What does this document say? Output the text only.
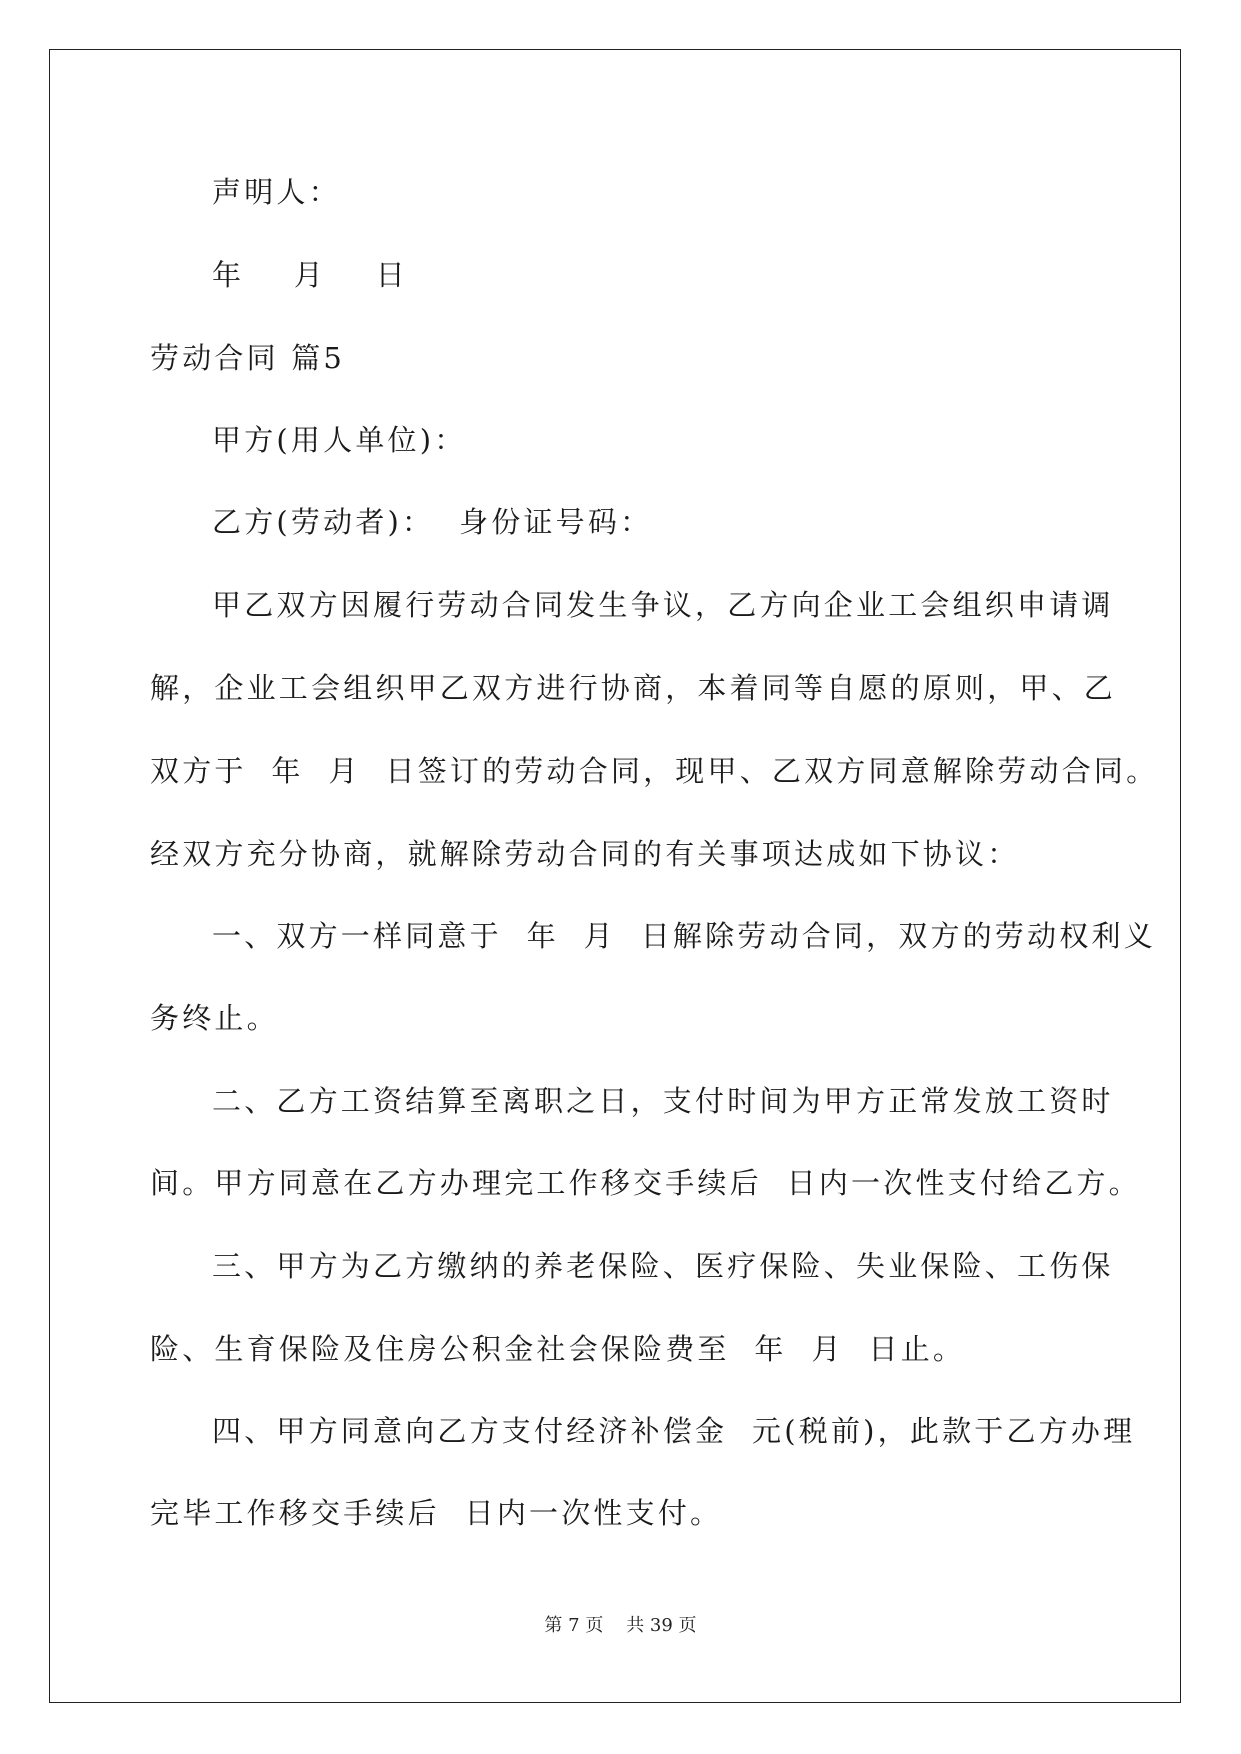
声明人：
年    月    日
劳动合同 篇5
甲方(用人单位)：
乙方(劳动者)：  身份证号码：
甲乙双方因履行劳动合同发生争议，乙方向企业工会组织申请调
解，企业工会组织甲乙双方进行协商，本着同等自愿的原则，甲、乙
双方于  年  月  日签订的劳动合同，现甲、乙双方同意解除劳动合同。
经双方充分协商，就解除劳动合同的有关事项达成如下协议：
一、双方一样同意于  年  月  日解除劳动合同，双方的劳动权利义
务终止。
二、乙方工资结算至离职之日，支付时间为甲方正常发放工资时
间。甲方同意在乙方办理完工作移交手续后  日内一次性支付给乙方。
三、甲方为乙方缴纳的养老保险、医疗保险、失业保险、工伤保
险、生育保险及住房公积金社会保险费至  年  月  日止。
四、甲方同意向乙方支付经济补偿金  元(税前)，此款于乙方办理
完毕工作移交手续后  日内一次性支付。
第 7 页    共 39 页
